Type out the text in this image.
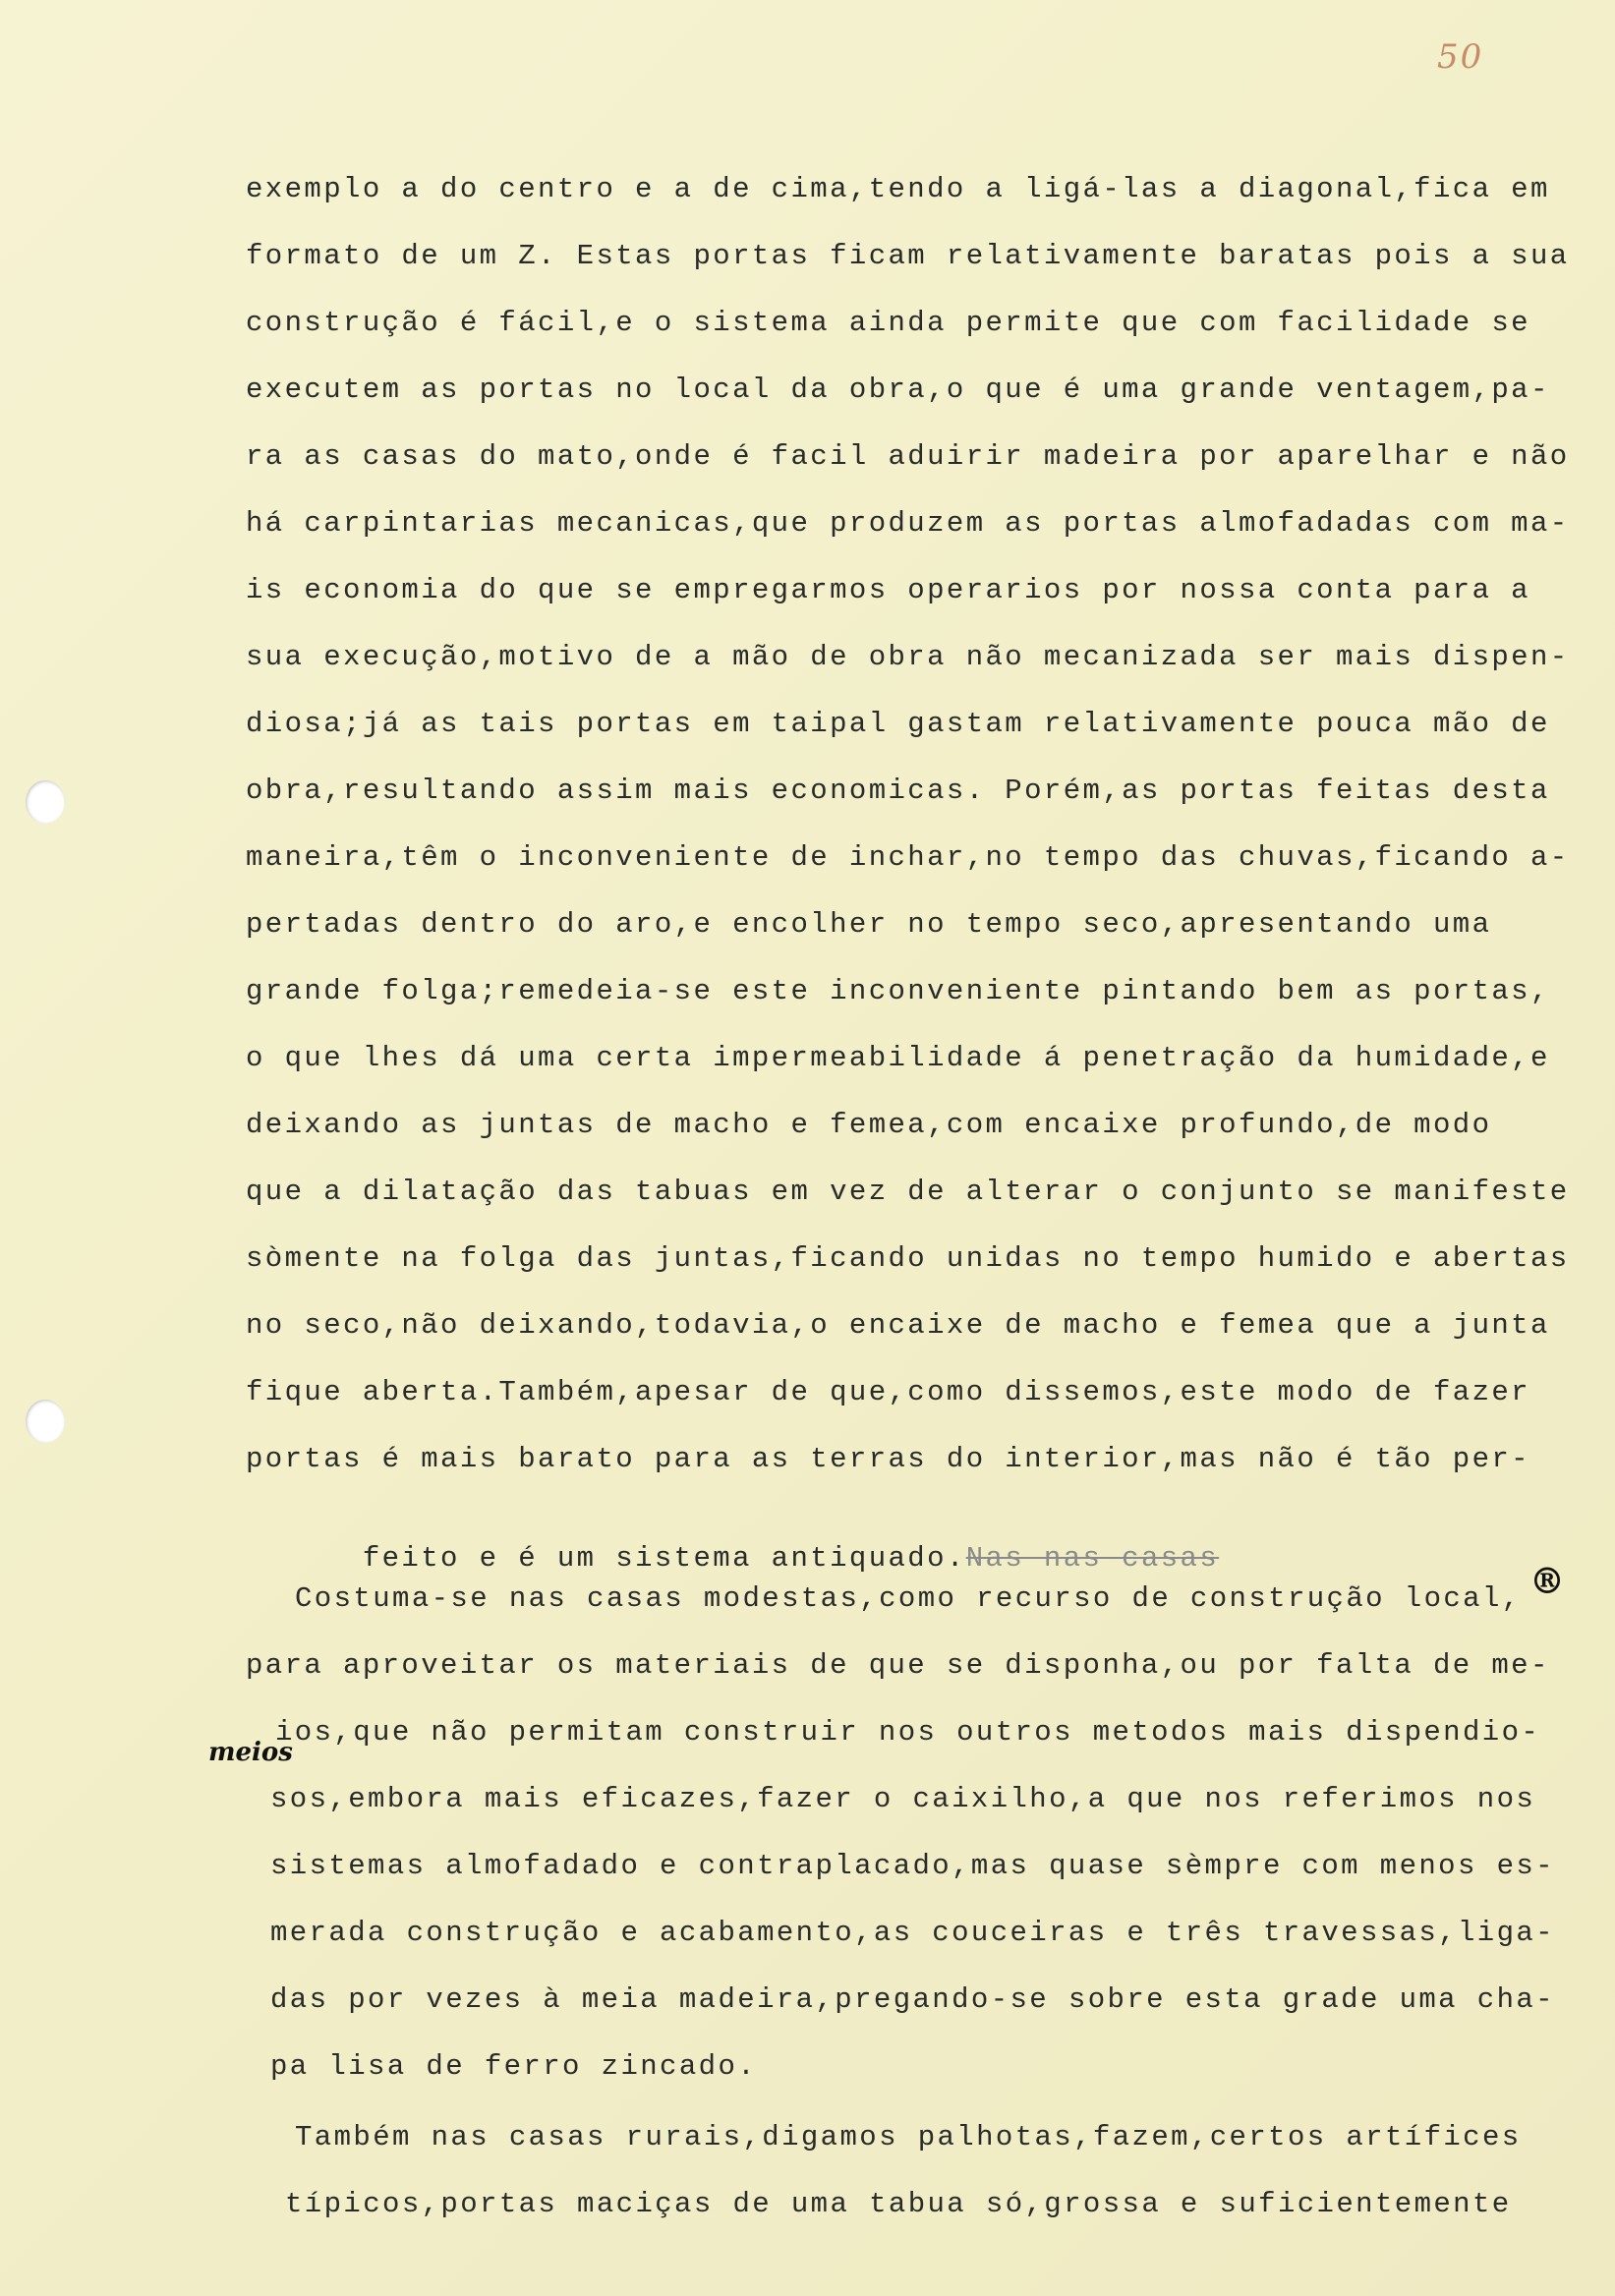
50
meios
®
exemplo a do centro e a de cima,tendo a ligá-las a diagonal,fica em
formato de um Z. Estas portas ficam relativamente baratas pois a sua
construção é fácil,e o sistema ainda permite que com facilidade se
executem as portas no local da obra,o que é uma grande ventagem,pa-
ra as casas do mato,onde é facil aduirir madeira por aparelhar e não
há carpintarias mecanicas,que produzem as portas almofadadas com ma-
is economia do que se empregarmos operarios por nossa conta para a
sua execução,motivo de a mão de obra não mecanizada ser mais dispen-
diosa;já as tais portas em taipal gastam relativamente pouca mão de
obra,resultando assim mais economicas. Porém,as portas feitas desta
maneira,têm o inconveniente de inchar,no tempo das chuvas,ficando a-
pertadas dentro do aro,e encolher no tempo seco,apresentando uma
grande folga;remedeia-se este inconveniente pintando bem as portas,
o que lhes dá uma certa impermeabilidade á penetração da humidade,e
deixando as juntas de macho e femea,com encaixe profundo,de modo
que a dilatação das tabuas em vez de alterar o conjunto se manifeste
sòmente na folga das juntas,ficando unidas no tempo humido e abertas
no seco,não deixando,todavia,o encaixe de macho e femea que a junta
fique aberta.Também,apesar de que,como dissemos,este modo de fazer
portas é mais barato para as terras do interior,mas não é tão per-

feito e é um sistema antiquado.Nas nas casas

Costuma-se nas casas modestas,como recurso de construção local,
para aproveitar os materiais de que se disponha,ou por falta de me-
ios,que não permitam construir nos outros metodos mais dispendio-
sos,embora mais eficazes,fazer o caixilho,a que nos referimos nos
sistemas almofadado e contraplacado,mas quase sèmpre com menos es-
merada construção e acabamento,as couceiras e três travessas,liga-
das por vezes à meia madeira,pregando-se sobre esta grade uma cha-
pa lisa de ferro zincado.
Também nas casas rurais,digamos palhotas,fazem,certos artífices
típicos,portas maciças de uma tabua só,grossa e suficientemente
